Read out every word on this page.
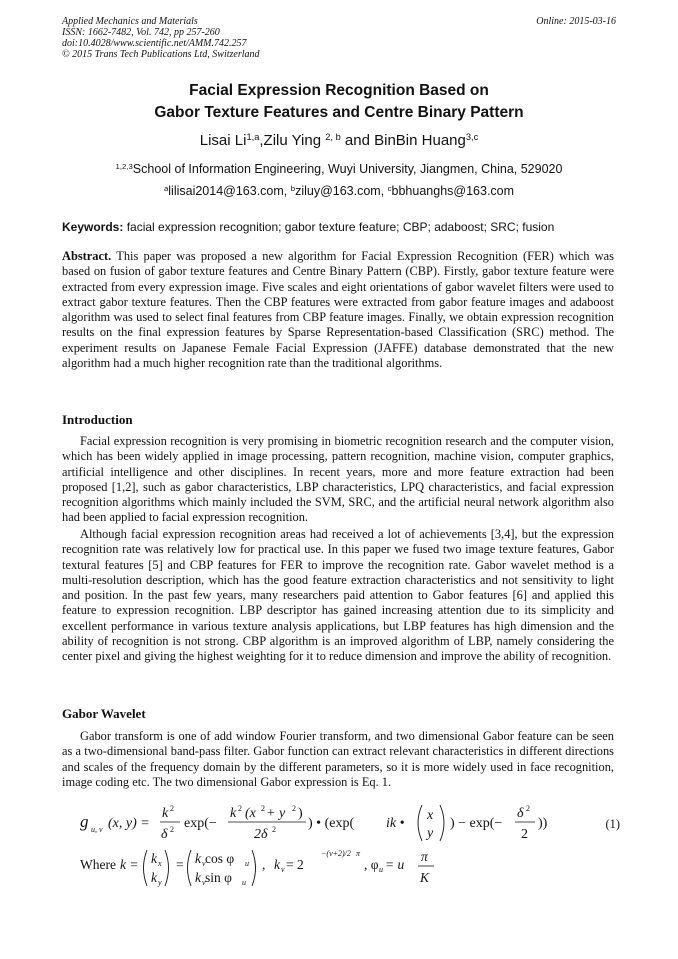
Applied Mechanics and Materials
ISSN: 1662-7482, Vol. 742, pp 257-260
doi:10.4028/www.scientific.net/AMM.742.257
© 2015 Trans Tech Publications Ltd, Switzerland
Online: 2015-03-16
Facial Expression Recognition Based on
Gabor Texture Features and Centre Binary Pattern
Lisai Li$^{1,a}$,Zilu Ying $^{2, b}$ and BinBin Huang$^{3,c}$
$^{1,2,3}$School of Information Engineering, Wuyi University, Jiangmen, China, 529020
$^a$lilisai2014@163.com, $^b$ziluy@163.com, $^c$bbhuanghs@163.com
Keywords: facial expression recognition; gabor texture feature; CBP; adaboost; SRC; fusion
Abstract. This paper was proposed a new algorithm for Facial Expression Recognition (FER) which was based on fusion of gabor texture features and Centre Binary Pattern (CBP). Firstly, gabor texture feature were extracted from every expression image. Five scales and eight orientations of gabor wavelet filters were used to extract gabor texture features. Then the CBP features were extracted from gabor feature images and adaboost algorithm was used to select final features from CBP feature images. Finally, we obtain expression recognition results on the final expression features by Sparse Representation-based Classification (SRC) method. The experiment results on Japanese Female Facial Expression (JAFFE) database demonstrated that the new algorithm had a much higher recognition rate than the traditional algorithms.
Introduction
Facial expression recognition is very promising in biometric recognition research and the computer vision, which has been widely applied in image processing, pattern recognition, machine vision, computer graphics, artificial intelligence and other disciplines. In recent years, more and more feature extraction had been proposed [1,2], such as gabor characteristics, LBP characteristics, LPQ characteristics, and facial expression recognition algorithms which mainly included the SVM, SRC, and the artificial neural network algorithm also had been applied to facial expression recognition.
Although facial expression recognition areas had received a lot of achievements [3,4], but the expression recognition rate was relatively low for practical use. In this paper we fused two image texture features, Gabor textural features [5] and CBP features for FER to improve the recognition rate. Gabor wavelet method is a multi-resolution description, which has the good feature extraction characteristics and not sensitivity to light and position. In the past few years, many researchers paid attention to Gabor features [6] and applied this feature to expression recognition. LBP descriptor has gained increasing attention due to its simplicity and excellent performance in various texture analysis applications, but LBP features has high dimension and the ability of recognition is not strong. CBP algorithm is an improved algorithm of LBP, namely considering the center pixel and giving the highest weighting for it to reduce dimension and improve the ability of recognition.
Gabor Wavelet
Gabor transform is one of add window Fourier transform, and two dimensional Gabor feature can be seen as a two-dimensional band-pass filter. Gabor function can extract relevant characteristics in different directions and scales of the frequency domain by the different parameters, so it is more widely used in face recognition, image coding etc. The two dimensional Gabor expression is Eq. 1.
g u, v (x, y) =
k 2
δ 2 exp(−
k 2 (x 2 + y 2 )
2δ 2 ) • (exp( ik •
x
y
) − exp(−
δ 2
2
))	(1)
Where k = k x
k y
= k v cos φ u
k v sin φ u
, k v = 2
−(v+2)/2 π
, φ u = u
π
K
